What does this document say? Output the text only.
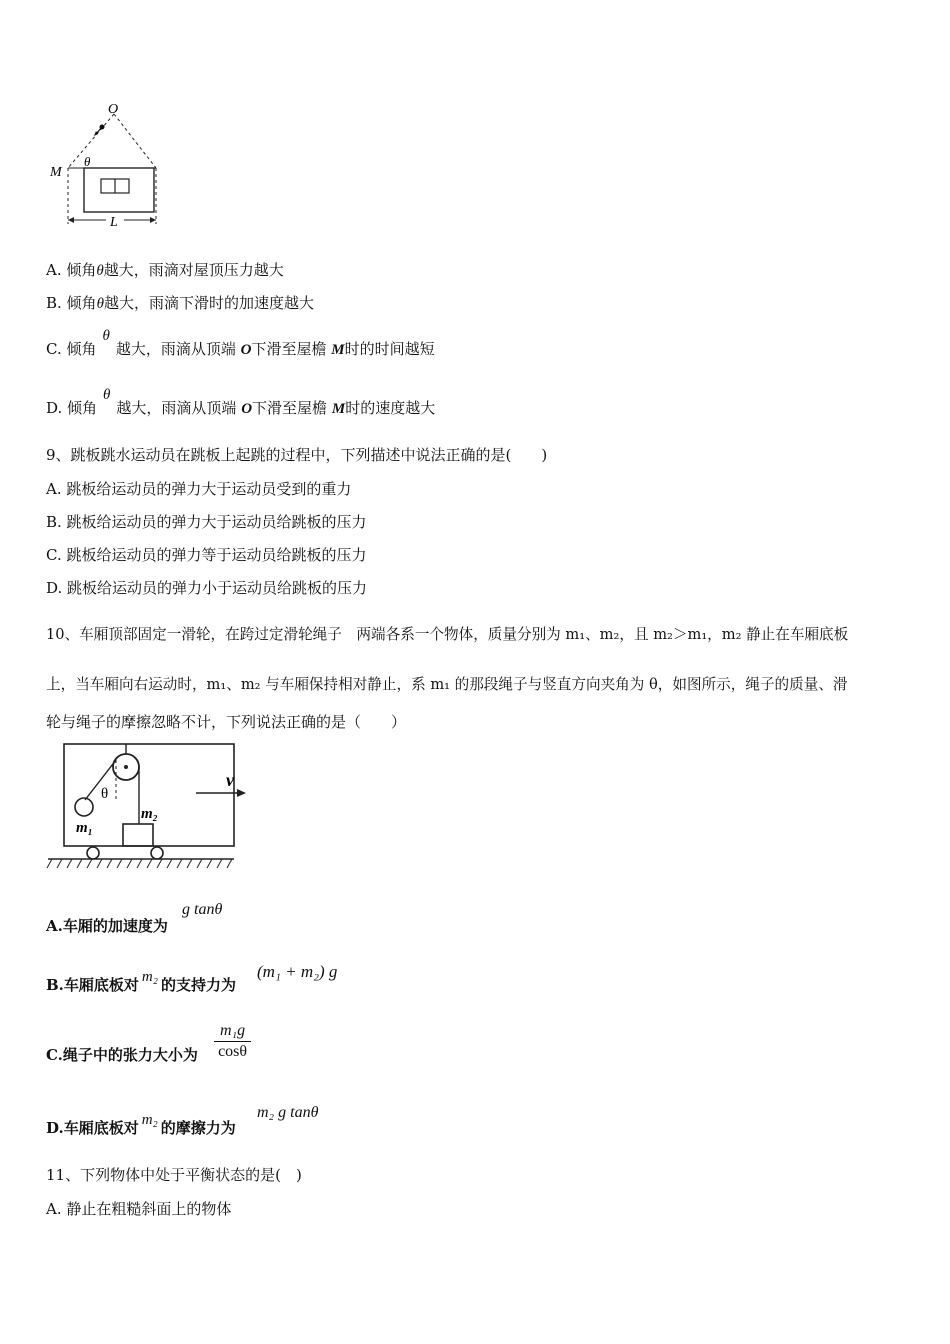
O
M
θ
L
A. 倾角θ越大，雨滴对屋顶压力越大
B. 倾角θ越大，雨滴下滑时的加速度越大
C. 倾角θ越大，雨滴从顶端 O下滑至屋檐 M时的时间越短
D. 倾角θ越大，雨滴从顶端 O下滑至屋檐 M时的速度越大
9、跳板跳水运动员在跳板上起跳的过程中，下列描述中说法正确的是(　　)
A. 跳板给运动员的弹力大于运动员受到的重力
B. 跳板给运动员的弹力大于运动员给跳板的压力
C. 跳板给运动员的弹力等于运动员给跳板的压力
D. 跳板给运动员的弹力小于运动员给跳板的压力
10、车厢顶部固定一滑轮，在跨过定滑轮绳子　两端各系一个物体，质量分别为 m₁、m₂，且 m₂＞m₁，m₂ 静止在车厢底板
上，当车厢向右运动时，m₁、m₂ 与车厢保持相对静止，系 m₁ 的那段绳子与竖直方向夹角为 θ，如图所示，绳子的质量、滑
轮与绳子的摩擦忽略不计，下列说法正确的是（　　）
θ
m₁
m₂
v
A.车厢的加速度为
g tanθ
B.车厢底板对 m₂ 的支持力为
(m₁ + m₂) g
C.绳子中的张力大小为 $\frac{\text{m₁g}}{\cos\theta}$
D.车厢底板对 m₂ 的摩擦力为
m₂ g tanθ
11、下列物体中处于平衡状态的是(　)
A. 静止在粗糙斜面上的物体
